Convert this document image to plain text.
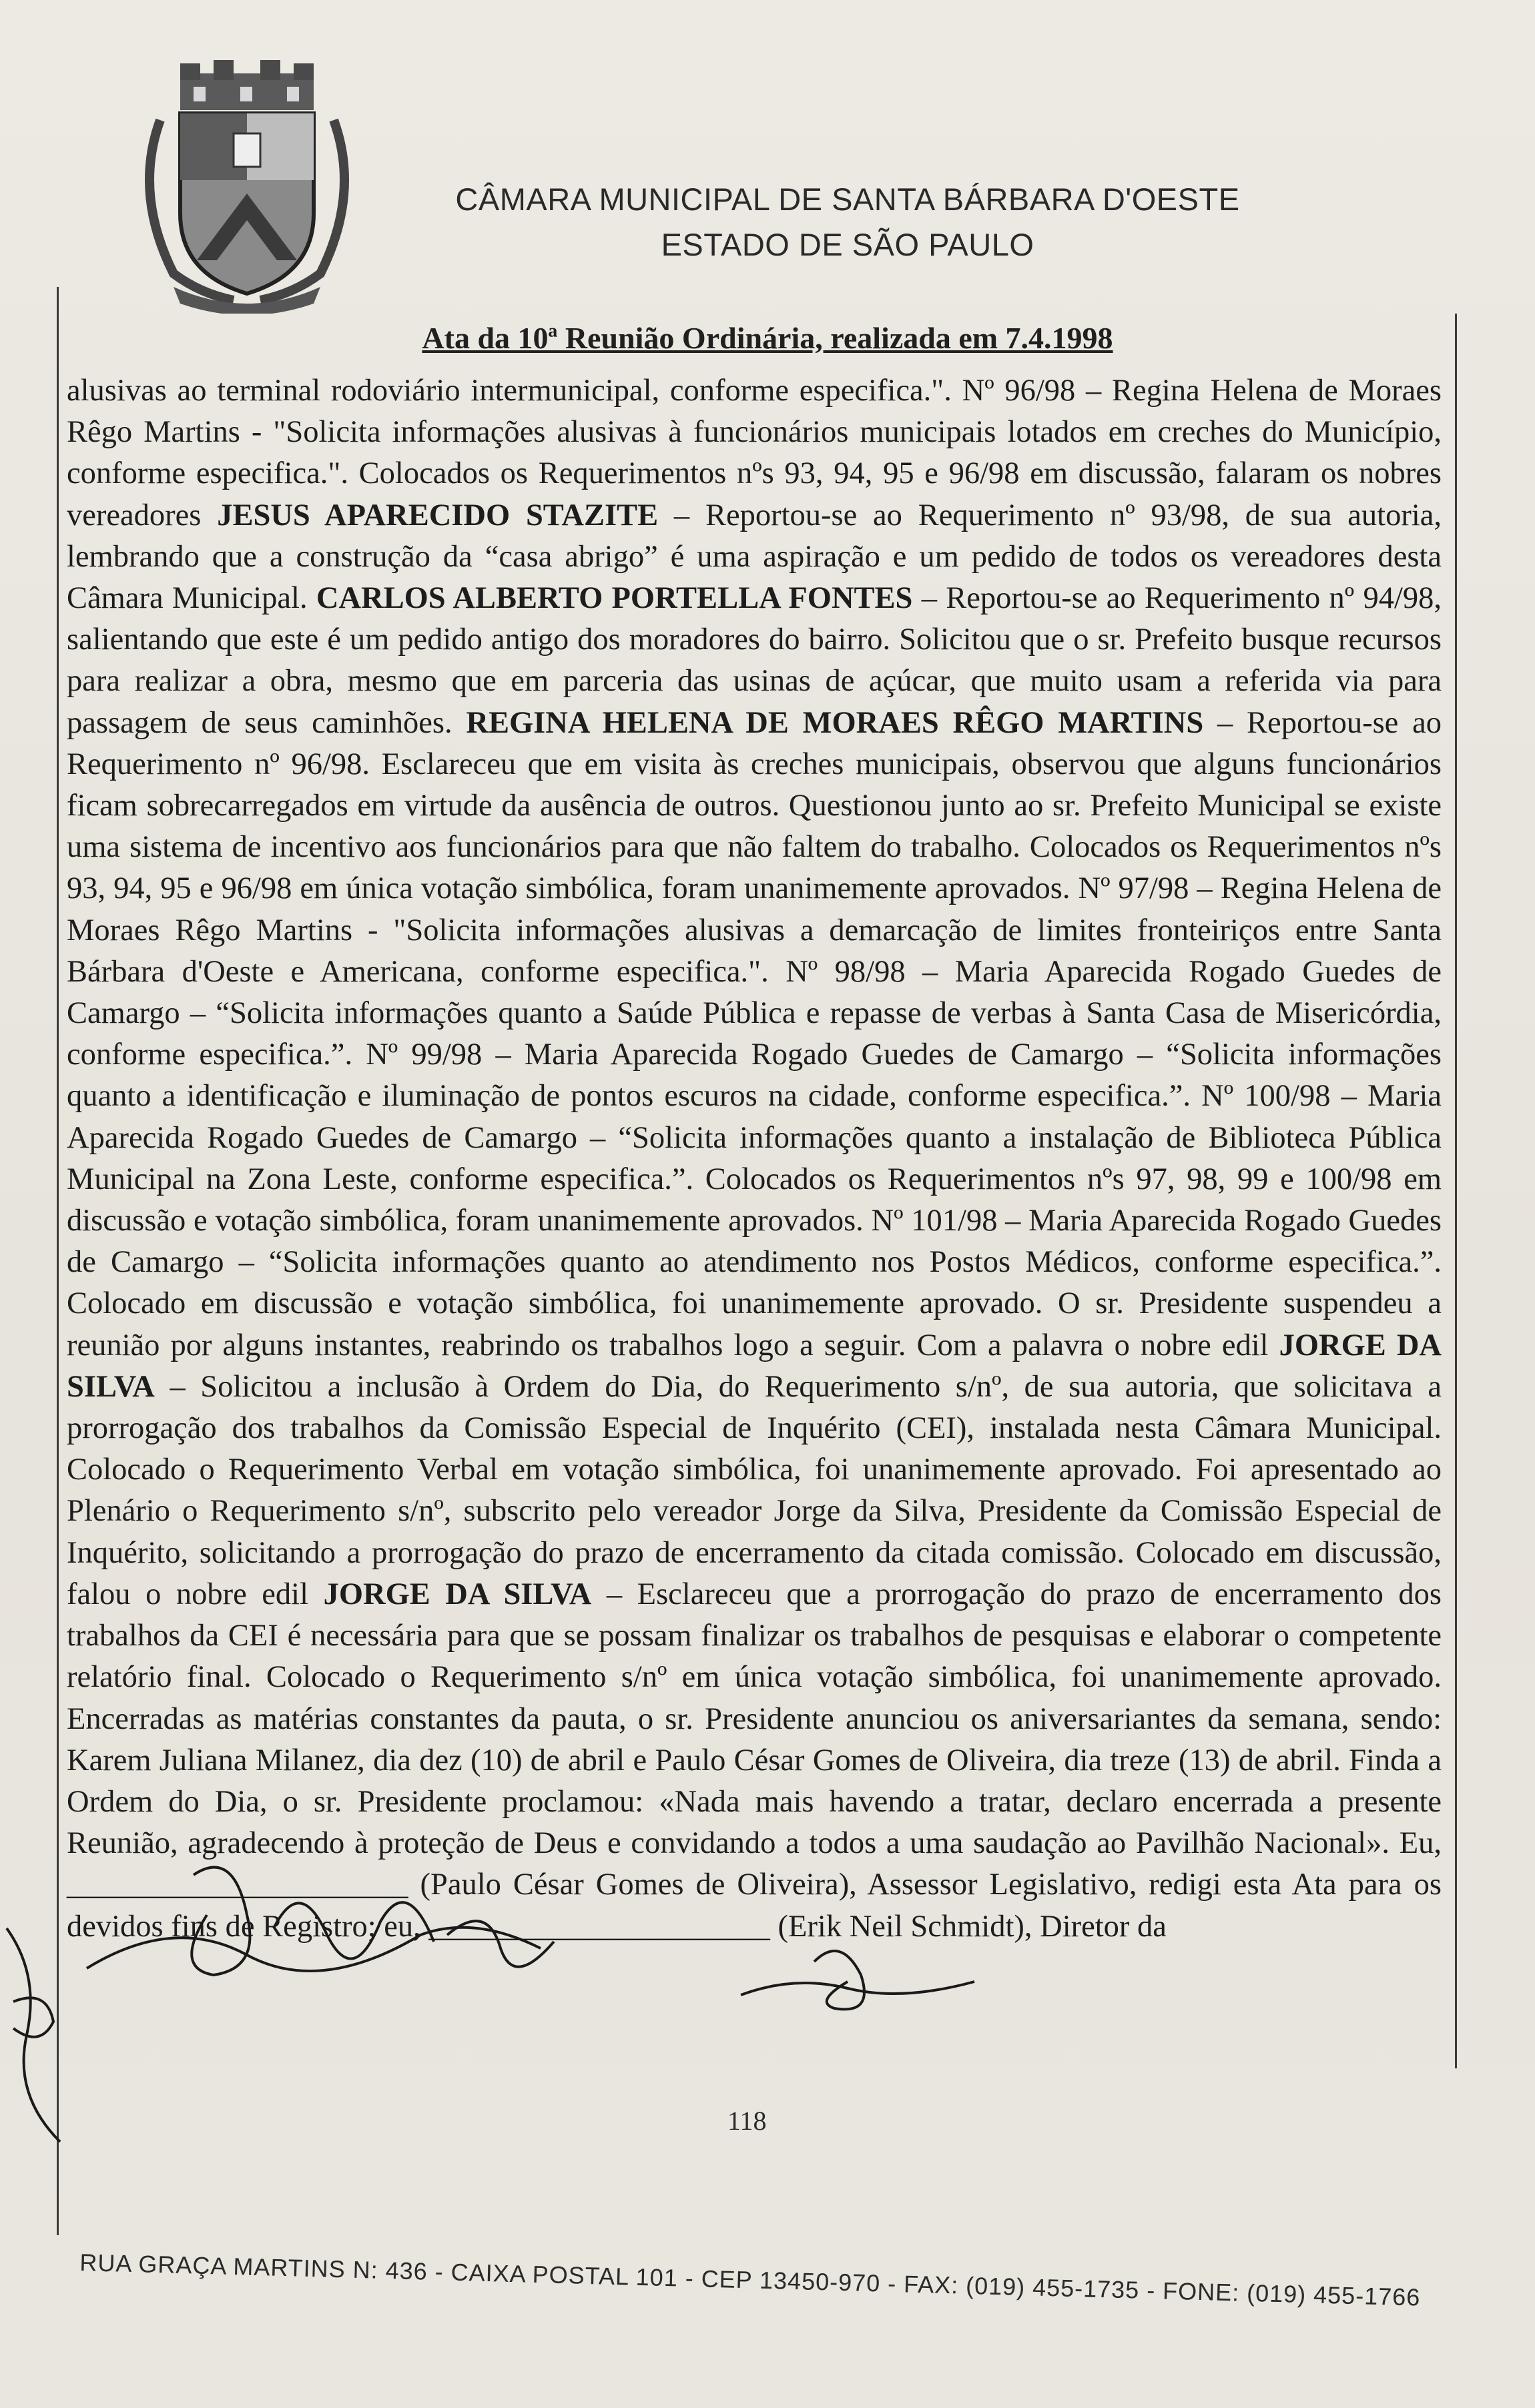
CÂMARA MUNICIPAL DE SANTA BÁRBARA D'OESTE
ESTADO DE SÃO PAULO
Ata da 10ª Reunião Ordinária, realizada em 7.4.1998
alusivas ao terminal rodoviário intermunicipal, conforme especifica.". Nº 96/98 – Regina Helena de Moraes Rêgo Martins - "Solicita informações alusivas à funcionários municipais lotados em creches do Município, conforme especifica.". Colocados os Requerimentos nºs 93, 94, 95 e 96/98 em discussão, falaram os nobres vereadores JESUS APARECIDO STAZITE – Reportou-se ao Requerimento nº 93/98, de sua autoria, lembrando que a construção da “casa abrigo” é uma aspiração e um pedido de todos os vereadores desta Câmara Municipal. CARLOS ALBERTO PORTELLA FONTES – Reportou-se ao Requerimento nº 94/98, salientando que este é um pedido antigo dos moradores do bairro. Solicitou que o sr. Prefeito busque recursos para realizar a obra, mesmo que em parceria das usinas de açúcar, que muito usam a referida via para passagem de seus caminhões. REGINA HELENA DE MORAES RÊGO MARTINS – Reportou-se ao Requerimento nº 96/98. Esclareceu que em visita às creches municipais, observou que alguns funcionários ficam sobrecarregados em virtude da ausência de outros. Questionou junto ao sr. Prefeito Municipal se existe uma sistema de incentivo aos funcionários para que não faltem do trabalho. Colocados os Requerimentos nºs 93, 94, 95 e 96/98 em única votação simbólica, foram unanimemente aprovados. Nº 97/98 – Regina Helena de Moraes Rêgo Martins - "Solicita informações alusivas a demarcação de limites fronteiriços entre Santa Bárbara d'Oeste e Americana, conforme especifica.". Nº 98/98 – Maria Aparecida Rogado Guedes de Camargo – “Solicita informações quanto a Saúde Pública e repasse de verbas à Santa Casa de Misericórdia, conforme especifica.”. Nº 99/98 – Maria Aparecida Rogado Guedes de Camargo – “Solicita informações quanto a identificação e iluminação de pontos escuros na cidade, conforme especifica.”. Nº 100/98 – Maria Aparecida Rogado Guedes de Camargo – “Solicita informações quanto a instalação de Biblioteca Pública Municipal na Zona Leste, conforme especifica.”. Colocados os Requerimentos nºs 97, 98, 99 e 100/98 em discussão e votação simbólica, foram unanimemente aprovados. Nº 101/98 – Maria Aparecida Rogado Guedes de Camargo – “Solicita informações quanto ao atendimento nos Postos Médicos, conforme especifica.”. Colocado em discussão e votação simbólica, foi unanimemente aprovado. O sr. Presidente suspendeu a reunião por alguns instantes, reabrindo os trabalhos logo a seguir. Com a palavra o nobre edil JORGE DA SILVA – Solicitou a inclusão à Ordem do Dia, do Requerimento s/nº, de sua autoria, que solicitava a prorrogação dos trabalhos da Comissão Especial de Inquérito (CEI), instalada nesta Câmara Municipal. Colocado o Requerimento Verbal em votação simbólica, foi unanimemente aprovado. Foi apresentado ao Plenário o Requerimento s/nº, subscrito pelo vereador Jorge da Silva, Presidente da Comissão Especial de Inquérito, solicitando a prorrogação do prazo de encerramento da citada comissão. Colocado em discussão, falou o nobre edil JORGE DA SILVA – Esclareceu que a prorrogação do prazo de encerramento dos trabalhos da CEI é necessária para que se possam finalizar os trabalhos de pesquisas e elaborar o competente relatório final. Colocado o Requerimento s/nº em única votação simbólica, foi unanimemente aprovado. Encerradas as matérias constantes da pauta, o sr. Presidente anunciou os aniversariantes da semana, sendo: Karem Juliana Milanez, dia dez (10) de abril e Paulo César Gomes de Oliveira, dia treze (13) de abril. Finda a Ordem do Dia, o sr. Presidente proclamou: «Nada mais havendo a tratar, declaro encerrada a presente Reunião, agradecendo à proteção de Deus e convidando a todos a uma saudação ao Pavilhão Nacional». Eu, ______________________ (Paulo César Gomes de Oliveira), Assessor Legislativo, redigi esta Ata para os devidos fins de Registro; eu, ______________________ (Erik Neil Schmidt), Diretor da
118
RUA GRAÇA MARTINS N: 436 - CAIXA POSTAL 101 - CEP 13450-970 - FAX: (019) 455-1735 - FONE: (019) 455-1766
